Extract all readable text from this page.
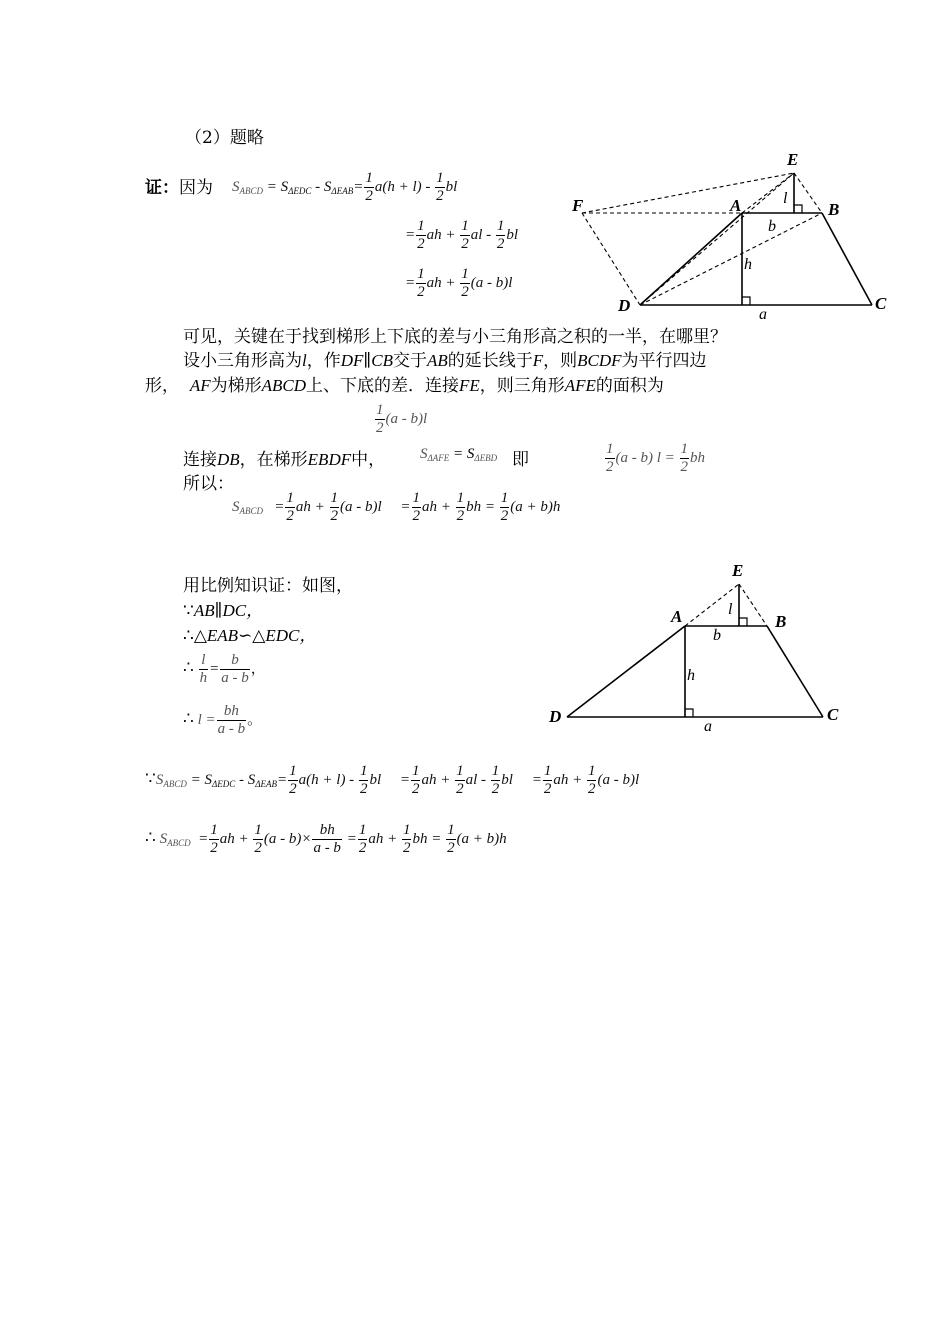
（2）题略
证：因为 $S_{ABCD} = S_{\Delta EDC} - S_{\Delta EAB}= \frac{1}{2} a(h + l) - \frac{1}{2}$ bl
= $\frac{1}{2}$ ah + $\frac{1}{2}$ al - $\frac{1}{2}$ bl
= $\frac{1}{2}$ ah + $\frac{1}{2} (a - b)l$
E
F	A	B
D	C
l
b
h
a
可见，关键在于找到梯形上下底的差与小三角形高之积的一半，在哪里？
设小三角形高为l，作DF∥CB交于AB的延长线于F，则BCDF为平行四边
形， AF为梯形ABCD上、下底的差．连接FE，则三角形AFE的面积为
$\frac{1}{2} (a - b)l$
连接DB，在梯形EBDF中， $S_{\Delta AFE} = S_{\Delta EBD}$ 即	$\frac{1}{2} (a - b) l = \frac{1}{2}$ bh
所以：
$S_{ABCD} = \frac{1}{2}$ ah + $\frac{1}{2} (a - b)l = \frac{1}{2}$ ah + $\frac{1}{2}$ bh = $\frac{1}{2} (a + b)h$
用比例知识证：如图，
∵AB∥DC，
∴△EAB∽△EDC，
∴ $\frac{l}{h} = \frac{b}{a - b}$ ，
∴ $l = \frac{bh}{a - b}$ 。
E
A	B
D	C
l
b
h
a
$\because S_{ABCD} = S_{\Delta EDC} - S_{\Delta EAB}= \frac{1}{2} a(h + l) - \frac{1}{2}$ bl = $\frac{1}{2}$ ah + $\frac{1}{2}$ al - $\frac{1}{2}$ bl = $\frac{1}{2}$ ah + $\frac{1}{2} (a - b)l$
∴ $S_{ABCD} = \frac{1}{2}$ ah + $\frac{1}{2} (a - b)\times \frac{bh}{a - b} = \frac{1}{2}$ ah + $\frac{1}{2}$ bh = $\frac{1}{2} (a + b)h$
